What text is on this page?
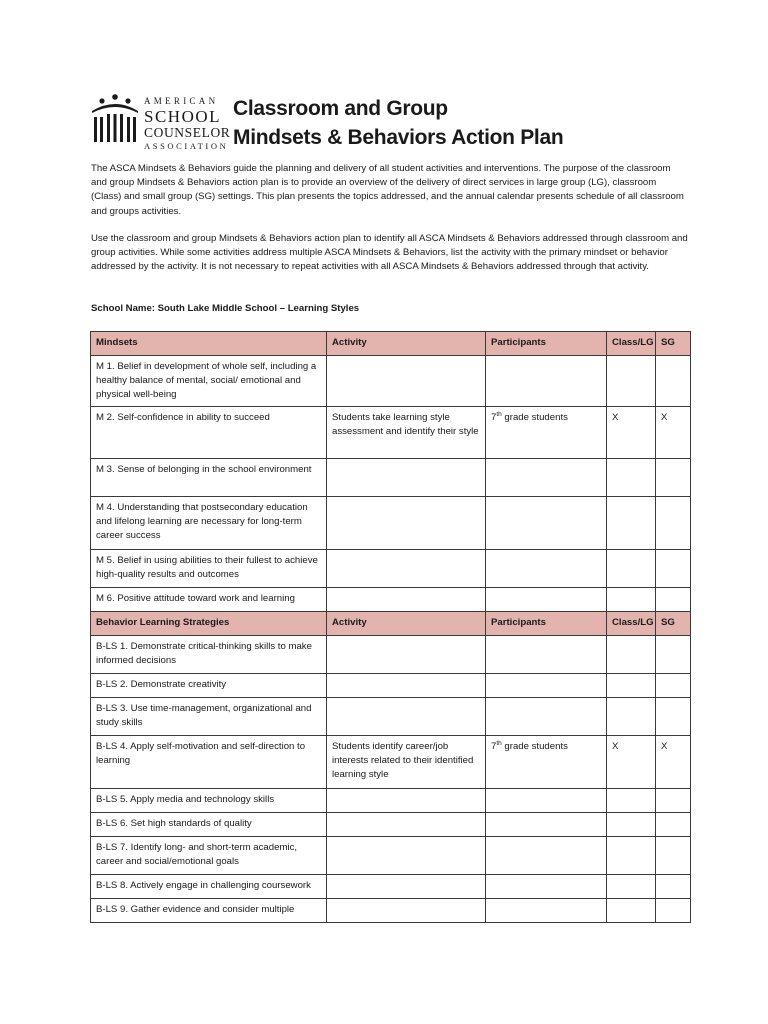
AMERICAN
SCHOOL
COUNSELOR
ASSOCIATION
Classroom and Group
Mindsets & Behaviors Action Plan

The ASCA Mindsets & Behaviors guide the planning and delivery of all student activities and interventions. The purpose of the classroom and group Mindsets & Behaviors action plan is to provide an overview of the delivery of direct services in large group (LG), classroom (Class) and small group (SG) settings. This plan presents the topics addressed, and the annual calendar presents schedule of all classroom and groups activities.

Use the classroom and group Mindsets & Behaviors action plan to identify all ASCA Mindsets & Behaviors addressed through classroom and group activities. While some activities address multiple ASCA Mindsets & Behaviors, list the activity with the primary mindset or behavior addressed by the activity. It is not necessary to repeat activities with all ASCA Mindsets & Behaviors addressed through that activity.

School Name: South Lake Middle School – Learning Styles
Mindsets	Activity	Participants	Class/LG	SG
M 1. Belief in development of whole self, including a healthy balance of mental, social/ emotional and physical well-being				
M 2. Self-confidence in ability to succeed	Students take learning style assessment and identify their style	7th grade students	X	X
M 3. Sense of belonging in the school environment				
M 4. Understanding that postsecondary education and lifelong learning are necessary for long-term career success				
M 5. Belief in using abilities to their fullest to achieve high-quality results and outcomes				
M 6. Positive attitude toward work and learning				
Behavior Learning Strategies	Activity	Participants	Class/LG	SG
B-LS 1. Demonstrate critical-thinking skills to make informed decisions				
B-LS 2. Demonstrate creativity				
B-LS 3. Use time-management, organizational and study skills				
B-LS 4. Apply self-motivation and self-direction to learning	Students identify career/job interests related to their identified learning style	7th grade students	X	X
B-LS 5. Apply media and technology skills				
B-LS 6. Set high standards of quality				
B-LS 7. Identify long- and short-term academic, career and social/emotional goals				
B-LS 8. Actively engage in challenging coursework				
B-LS 9. Gather evidence and consider multiple				
